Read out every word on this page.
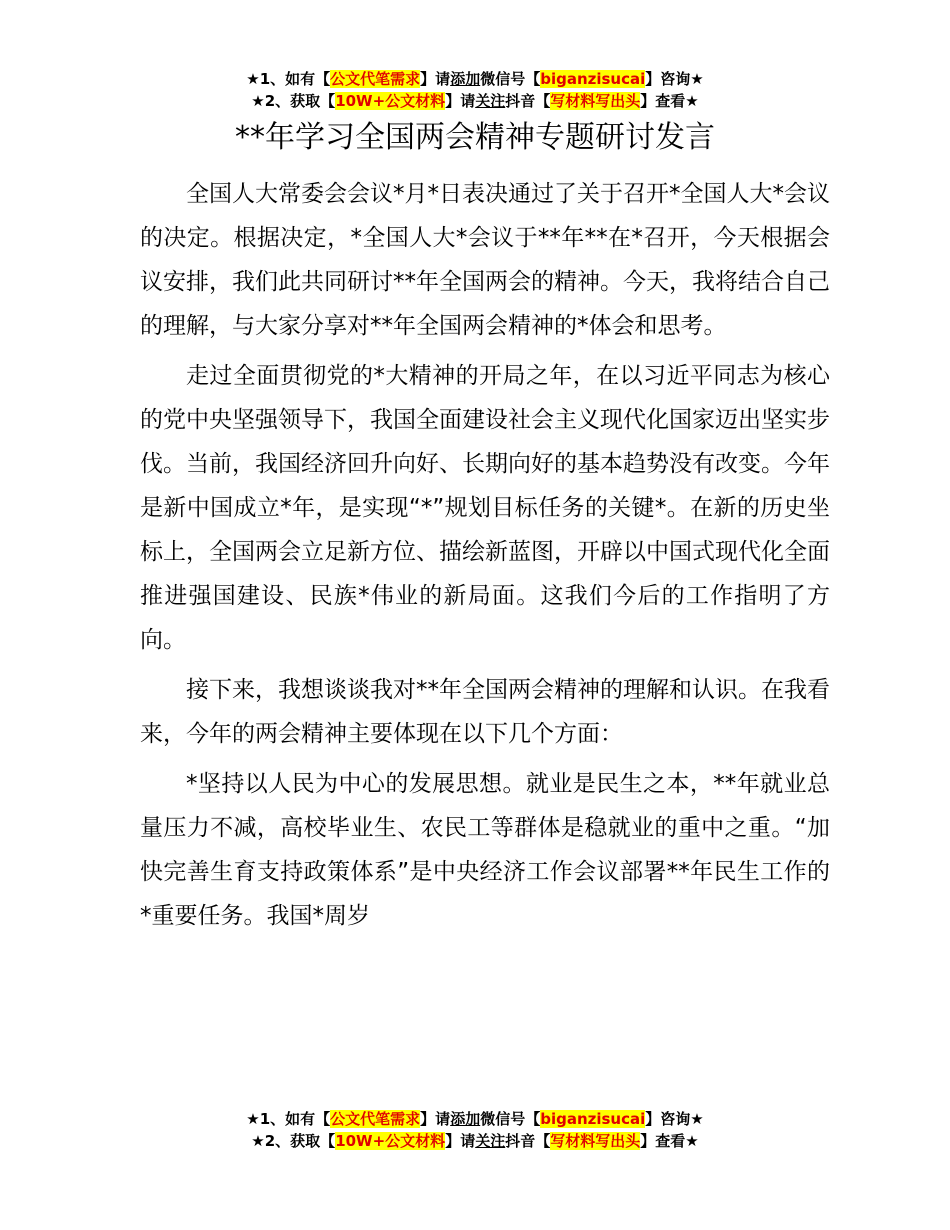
★1、如有【公文代笔需求】请添加微信号【biganzisucai】咨询★
★2、获取【10W+公文材料】请关注抖音【写材料写出头】查看★
**年学习全国两会精神专题研讨发言

全国人大常委会会议*月*日表决通过了关于召开*全国人大*会议的决定。根据决定，*全国人大*会议于**年**在*召开，今天根据会议安排，我们此共同研讨**年全国两会的精神。今天，我将结合自己的理解，与大家分享对**年全国两会精神的*体会和思考。

走过全面贯彻党的*大精神的开局之年，在以习近平同志为核心的党中央坚强领导下，我国全面建设社会主义现代化国家迈出坚实步伐。当前，我国经济回升向好、长期向好的基本趋势没有改变。今年是新中国成立*年，是实现“*”规划目标任务的关键*。在新的历史坐标上，全国两会立足新方位、描绘新蓝图，开辟以中国式现代化全面推进强国建设、民族*伟业的新局面。这我们今后的工作指明了方向。

接下来，我想谈谈我对**年全国两会精神的理解和认识。在我看来，今年的两会精神主要体现在以下几个方面：

*坚持以人民为中心的发展思想。就业是民生之本，**年就业总量压力不减，高校毕业生、农民工等群体是稳就业的重中之重。“加快完善生育支持政策体系”是中央经济工作会议部署**年民生工作的*重要任务。我国*周岁

★1、如有【公文代笔需求】请添加微信号【biganzisucai】咨询★
★2、获取【10W+公文材料】请关注抖音【写材料写出头】查看★
